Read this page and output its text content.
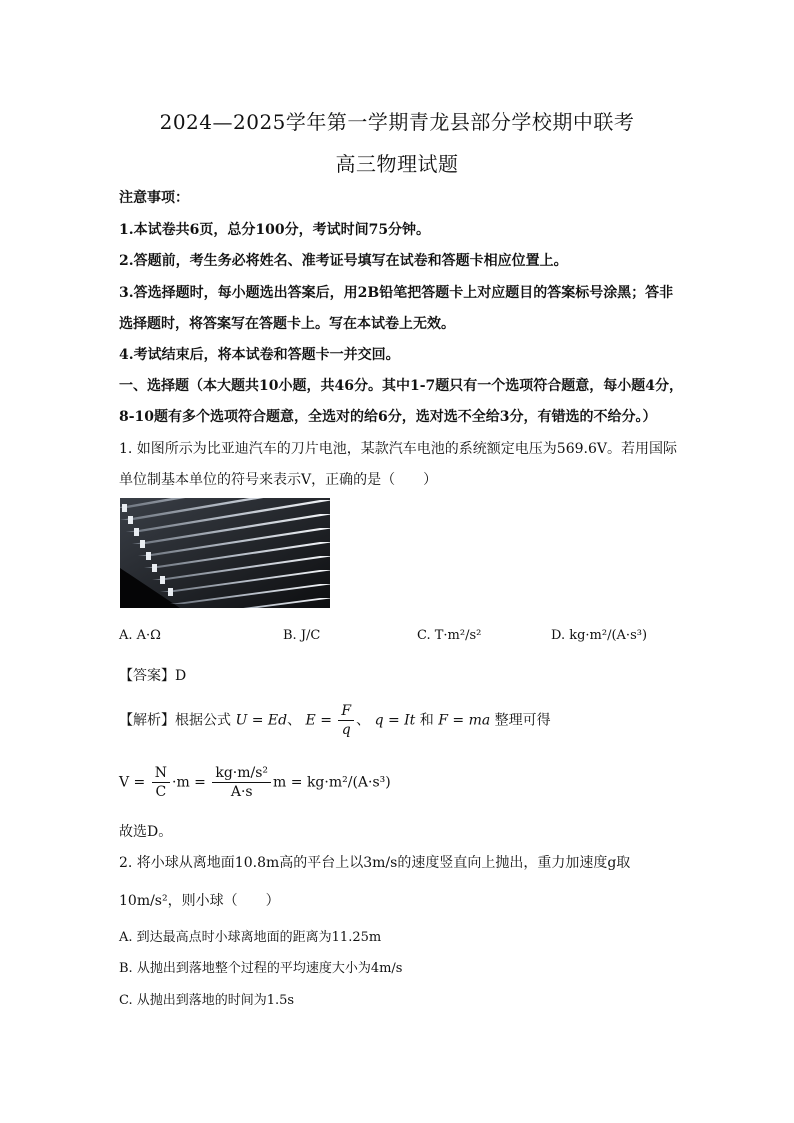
2024—2025学年第一学期青龙县部分学校期中联考
高三物理试题
注意事项：
1.本试卷共6页，总分100分，考试时间75分钟。
2.答题前，考生务必将姓名、准考证号填写在试卷和答题卡相应位置上。
3.答选择题时，每小题选出答案后，用2B铅笔把答题卡上对应题目的答案标号涂黑；答非
选择题时，将答案写在答题卡上。写在本试卷上无效。
4.考试结束后，将本试卷和答题卡一并交回。
一、选择题（本大题共10小题，共46分。其中1-7题只有一个选项符合题意，每小题4分，
8-10题有多个选项符合题意，全选对的给6分，选对选不全给3分，有错选的不给分。）
1. 如图所示为比亚迪汽车的刀片电池，某款汽车电池的系统额定电压为569.6V。若用国际
单位制基本单位的符号来表示V，正确的是（　　）
A. A·Ω	B. J/C	C. T·m²/s²	D. kg·m²/(A·s³)
【答案】D
【解析】根据公式 U = Ed、 $E = \frac{F}{q}$ 、 q = It 和 F = ma 整理可得
$V = \frac{N}{C} \cdot m = \frac{\text{kg·m/s²}}{A\cdot s}$ m = kg·m²/(A·s³)
故选D。
2. 将小球从离地面10.8m高的平台上以3m/s的速度竖直向上抛出，重力加速度g取
10m/s²，则小球（　　）
A. 到达最高点时小球离地面的距离为11.25m
B. 从抛出到落地整个过程的平均速度大小为4m/s
C. 从抛出到落地的时间为1.5s
